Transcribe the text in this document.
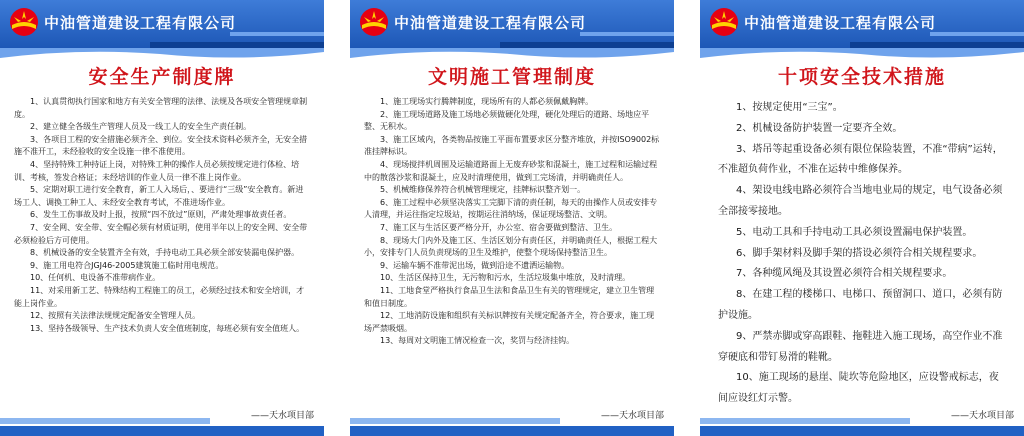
中油管道建设工程有限公司
安全生产制度牌

1、认真贯彻执行国家和地方有关安全管理的法律、法规及各项安全管理规章制度。

2、建立健全各级生产管理人员及一线工人的安全生产责任制。

3、各项目工程的安全措施必须齐全、到位。安全技术资料必须齐全，无安全措施不准开工，未经验收的安全设施一律不准使用。

4、坚持特殊工种持证上岗，对特殊工种的操作人员必须按规定进行体检、培训、考核，签发合格证；未经培训的作业人员一律不准上岗作业。

5、定期对职工进行安全教育，新工人入场后，、要进行“三级”安全教育。新进场工人、调换工种工人、未经安全教育考试，不准进场作业。

6、发生工伤事故及时上报，按照“四不放过”原则，严肃处理事故责任者。

7、安全网、安全带、安全帽必须有材质证明，使用半年以上的安全网、安全带必须检验后方可使用。

8、机械设备的安全装置齐全有效，手持电动工具必须全部安装漏电保护器。

9、施工用电符合JGJ46-2005建筑施工临时用电规范。

10、任何机、电设备不准带病作业。

11、对采用新工艺、特殊结构工程施工的员工，必须经过技术和安全培训，才能上岗作业。

12、按照有关法律法规规定配备安全管理人员。

13、坚持各级领导、生产技术负责人安全值班制度，每班必须有安全值班人。

——天水项目部
中油管道建设工程有限公司
文明施工管理制度

1、施工现场实行腾牌制度，现场所有的人都必须佩戴胸牌。

2、施工现场道路及施工场地必须做硬化处理，硬化处理后的道路、场地应平整、无积水。

3、施工区域内，各类物品按施工平面布置要求区分整齐堆放，并按ISO9002标准挂牌标识。

4、现场搅拌机周围及运输道路面上无废弃砂浆和混凝土，施工过程和运输过程中的散落沙浆和混凝土，应及时清理使用，做到工完场清，并明确责任人。

5、机械维修保养符合机械管理规定，挂牌标识整齐划一。

6、施工过程中必须坚决落实工完脚下清的责任制，每天的由操作人员或安排专人清理，并运往指定垃圾站，按期运往消纳场，保证现场整洁、文明。

7、施工区与生活区要严格分开，办公室、宿舍要做到整洁、卫生。

8、现场大门内外及施工区、生活区划分有责任区，并明确责任人，根据工程大小，安排专门人员负责现场的卫生及维护，使整个现场保持整洁卫生。

9、运输车辆不准带泥出场，做到沿途不遗洒运输物。

10、生活区保持卫生，无污物和污水，生活垃圾集中堆放，及时清理。

11、工地食堂严格执行食品卫生法和食品卫生有关的管理规定，建立卫生管理和值日制度。

12、工地消防设施和组织有关标识牌按有关规定配备齐全，符合要求，施工现场严禁吸烟。

13、每周对文明施工情况检查一次，奖罚与经济挂钩。

——天水项目部
中油管道建设工程有限公司
十项安全技术措施

1、按规定使用“三宝”。

2、机械设备防护装置一定要齐全效。

3、塔吊等起重设备必须有限位保险装置，不准“带病”运转，不准超负荷作业，不准在运转中维修保养。

4、架设电线电路必须符合当地电业局的规定，电气设备必须全部接零接地。

5、电动工具和手持电动工具必须设置漏电保护装置。

6、脚手架材料及脚手架的搭设必须符合相关规程要求。

7、各种缆风绳及其设置必须符合相关规程要求。

8、在建工程的楼梯口、电梯口、预留洞口、道口，必须有防护设施。

9、严禁赤脚或穿高跟鞋、拖鞋进入施工现场，高空作业不准穿硬底和带钉易滑的鞋靴。

10、施工现场的悬崖、陡坎等危险地区，应设警戒标志，夜间应设红灯示警。

——天水项目部
